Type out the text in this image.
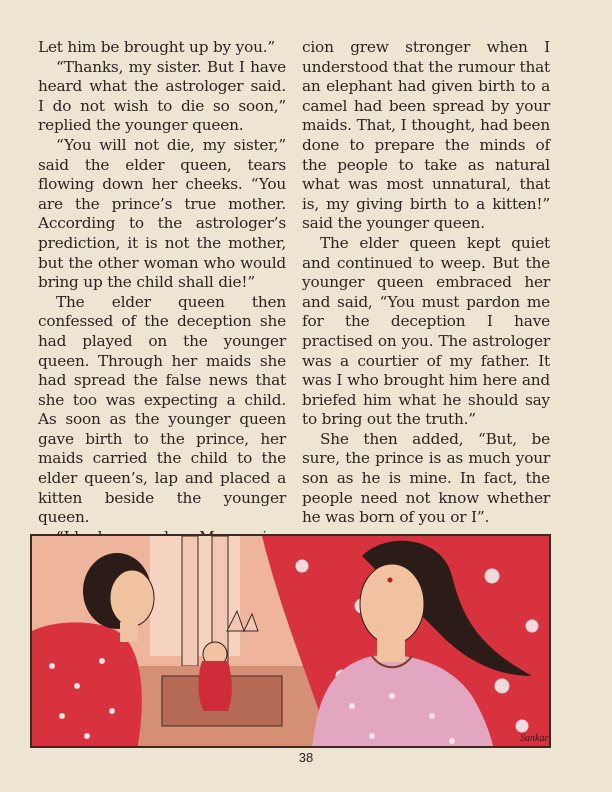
Let him be brought up by you.”

“Thanks, my sister. But I have heard what the astrologer said. I do not wish to die so soon,” replied the younger queen.

“You will not die, my sister,” said the elder queen, tears flowing down her cheeks. “You are the prince’s true mother. According to the astrologer’s prediction, it is not the mother, but the other woman who would bring up the child shall die!”

The elder queen then confessed of the deception she had played on the younger queen. Through her maids she had spread the false news that she too was expecting a child. As soon as the younger queen gave birth to the prince, her maids carried the child to the elder queen’s, lap and placed a kitten beside the younger queen.

cion grew stronger when I understood that the rumour that an elephant had given birth to a camel had been spread by your maids. That, I thought, had been done to prepare the minds of the people to take as natural what was most unnatural, that is, my giving birth to a kitten!” said the younger queen.

The elder queen kept quiet and continued to weep. But the younger queen embraced her and said, “You must pardon me for the deception I have practised on you. The astrologer was a courtier of my father. It was I who brought him here and briefed him what he should say to bring out the truth.”

She then added, “But, be sure, the prince is as much your son as he is mine. In fact, the people need not know whether he was born of you or I”.

Sankar
38
